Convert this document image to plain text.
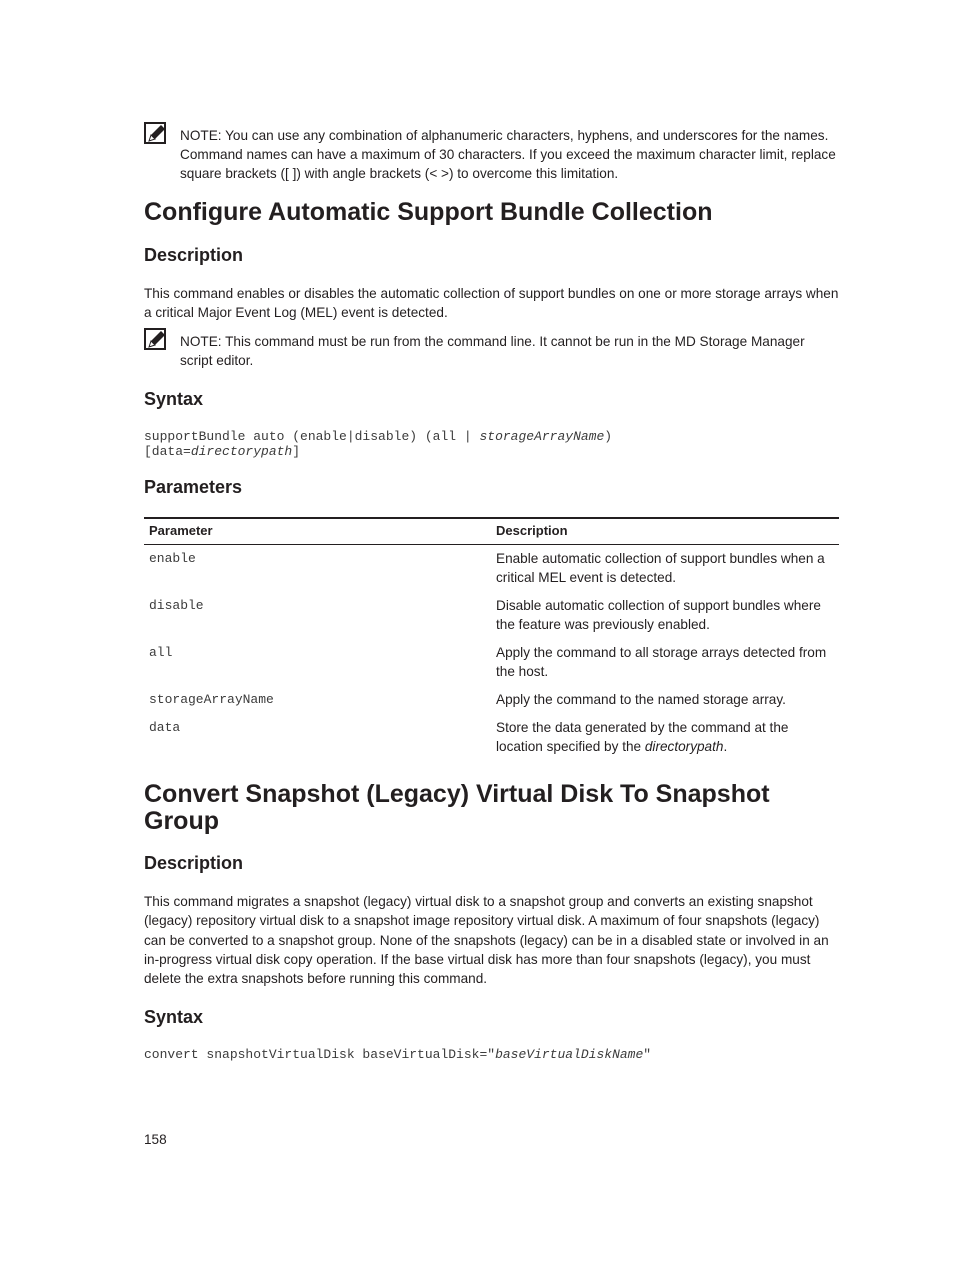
NOTE: You can use any combination of alphanumeric characters, hyphens, and underscores for the names. Command names can have a maximum of 30 characters. If you exceed the maximum character limit, replace square brackets ([ ]) with angle brackets (< >) to overcome this limitation.
Configure Automatic Support Bundle Collection
Description

This command enables or disables the automatic collection of support bundles on one or more storage arrays when a critical Major Event Log (MEL) event is detected.

NOTE: This command must be run from the command line. It cannot be run in the MD Storage Manager script editor.
Syntax
supportBundle auto (enable|disable) (all | storageArrayName)
[data=directorypath]
Parameters
Parameter	Description
enable	Enable automatic collection of support bundles when a critical MEL event is detected.
disable	Disable automatic collection of support bundles where the feature was previously enabled.
all	Apply the command to all storage arrays detected from the host.
storageArrayName	Apply the command to the named storage array.
data	Store the data generated by the command at the location specified by the directorypath.
Convert Snapshot (Legacy) Virtual Disk To Snapshot Group
Description

This command migrates a snapshot (legacy) virtual disk to a snapshot group and converts an existing snapshot (legacy) repository virtual disk to a snapshot image repository virtual disk. A maximum of four snapshots (legacy) can be converted to a snapshot group. None of the snapshots (legacy) can be in a disabled state or involved in an in-progress virtual disk copy operation. If the base virtual disk has more than four snapshots (legacy), you must delete the extra snapshots before running this command.

Syntax
convert snapshotVirtualDisk baseVirtualDisk="baseVirtualDiskName"
158
